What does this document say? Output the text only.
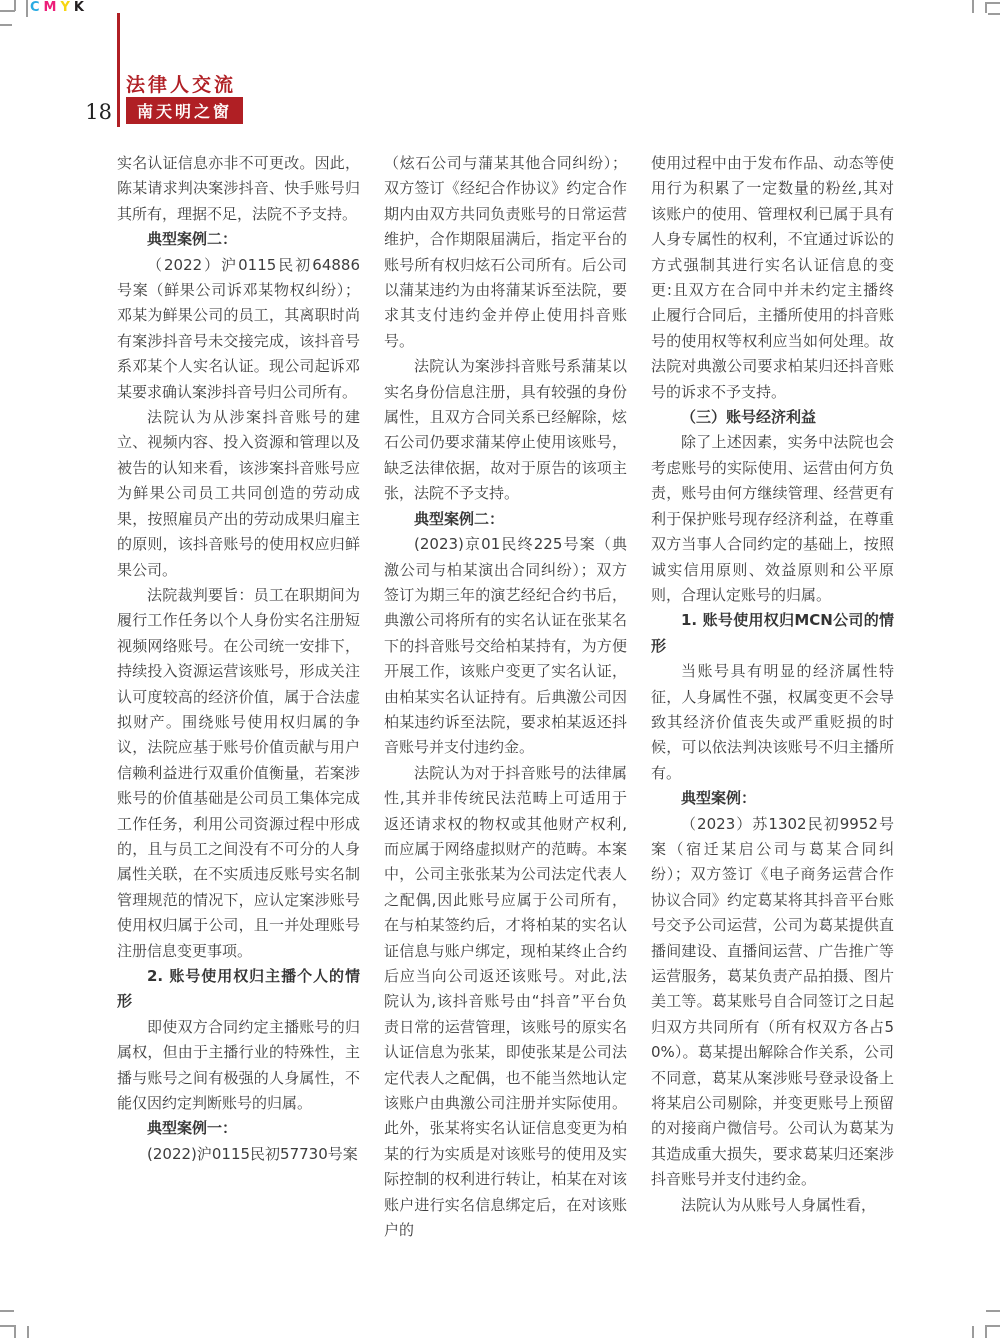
C M Y K
18
法律人交流
南天明之窗

实名认证信息亦非不可更改。因此，陈某请求判决案涉抖音、快手账号归其所有，理据不足，法院不予支持。

典型案例二：

（2022）沪0115民初64886号案（鲜果公司诉邓某物权纠纷）；邓某为鲜果公司的员工，其离职时尚有案涉抖音号未交接完成，该抖音号系邓某个人实名认证。现公司起诉邓某要求确认案涉抖音号归公司所有。

法院认为从涉案抖音账号的建立、视频内容、投入资源和管理以及被告的认知来看，该涉案抖音账号应为鲜果公司员工共同创造的劳动成果，按照雇员产出的劳动成果归雇主的原则，该抖音账号的使用权应归鲜果公司。

法院裁判要旨：员工在职期间为履行工作任务以个人身份实名注册短视频网络账号。在公司统一安排下，持续投入资源运营该账号，形成关注认可度较高的经济价值，属于合法虚拟财产。围绕账号使用权归属的争议，法院应基于账号价值贡献与用户信赖利益进行双重价值衡量，若案涉账号的价值基础是公司员工集体完成工作任务，利用公司资源过程中形成的，且与员工之间没有不可分的人身属性关联，在不实质违反账号实名制管理规范的情况下，应认定案涉账号使用权归属于公司，且一并处理账号注册信息变更事项。

2. 账号使用权归主播个人的情形

即使双方合同约定主播账号的归属权，但由于主播行业的特殊性，主播与账号之间有极强的人身属性，不能仅因约定判断账号的归属。

典型案例一：

(2022)沪0115民初57730号案

（炫石公司与蒲某其他合同纠纷）；双方签订《经纪合作协议》约定合作期内由双方共同负责账号的日常运营维护，合作期限届满后，指定平台的账号所有权归炫石公司所有。后公司以蒲某违约为由将蒲某诉至法院，要求其支付违约金并停止使用抖音账号。

法院认为案涉抖音账号系蒲某以实名身份信息注册，具有较强的身份属性，且双方合同关系已经解除，炫石公司仍要求蒲某停止使用该账号，缺乏法律依据，故对于原告的该项主张，法院不予支持。

典型案例二：

(2023)京01民终225号案（典激公司与柏某演出合同纠纷）；双方签订为期三年的演艺经纪合约书后，典激公司将所有的实名认证在张某名下的抖音账号交给柏某持有，为方便开展工作，该账户变更了实名认证，由柏某实名认证持有。后典激公司因柏某违约诉至法院，要求柏某返还抖音账号并支付违约金。

法院认为对于抖音账号的法律属性,其并非传统民法范畴上可适用于返还请求权的物权或其他财产权利,而应属于网络虚拟财产的范畴。本案中，公司主张张某为公司法定代表人之配偶,因此账号应属于公司所有，在与柏某签约后，才将柏某的实名认证信息与账户绑定，现柏某终止合约后应当向公司返还该账号。对此,法院认为,该抖音账号由“抖音”平台负责日常的运营管理，该账号的原实名认证信息为张某，即使张某是公司法定代表人之配偶，也不能当然地认定该账户由典激公司注册并实际使用。此外，张某将实名认证信息变更为柏某的行为实质是对该账号的使用及实际控制的权利进行转让，柏某在对该账户进行实名信息绑定后，在对该账户的

使用过程中由于发布作品、动态等使用行为积累了一定数量的粉丝,其对该账户的使用、管理权利已属于具有人身专属性的权利，不宜通过诉讼的方式强制其进行实名认证信息的变更:且双方在合同中并未约定主播终止履行合同后，主播所使用的抖音账号的使用权等权利应当如何处理。故法院对典激公司要求柏某归还抖音账号的诉求不予支持。

（三）账号经济利益

除了上述因素，实务中法院也会考虑账号的实际使用、运营由何方负责，账号由何方继续管理、经营更有利于保护账号现存经济利益，在尊重双方当事人合同约定的基础上，按照诚实信用原则、效益原则和公平原则，合理认定账号的归属。

1. 账号使用权归MCN公司的情形

当账号具有明显的经济属性特征，人身属性不强，权属变更不会导致其经济价值丧失或严重贬损的时候，可以依法判决该账号不归主播所有。

典型案例：

（2023）苏1302民初9952号案（宿迁某启公司与葛某合同纠纷）；双方签订《电子商务运营合作协议合同》约定葛某将其抖音平台账号交予公司运营，公司为葛某提供直播间建设、直播间运营、广告推广等运营服务，葛某负责产品拍摄、图片美工等。葛某账号自合同签订之日起归双方共同所有（所有权双方各占50%）。葛某提出解除合作关系，公司不同意，葛某从案涉账号登录设备上将某启公司剔除，并变更账号上预留的对接商户微信号。公司认为葛某为其造成重大损失，要求葛某归还案涉抖音账号并支付违约金。

法院认为从账号人身属性看，
